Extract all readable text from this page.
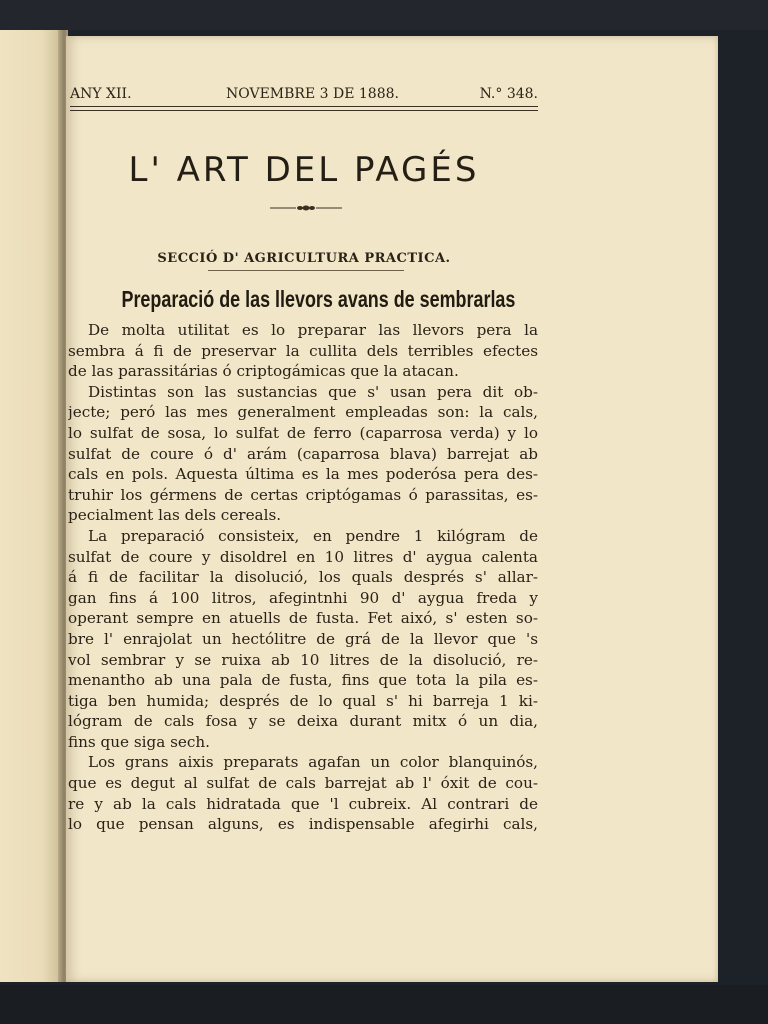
ANY XII.	NOVEMBRE 3 DE 1888.	N.° 348.
L' ART DEL PAGÉS
SECCIÓ D' AGRICULTURA PRACTICA.
Preparació de las llevors avans de sembrarlas
De molta utilitat es lo preparar las llevors pera la
sembra á fi de preservar la cullita dels terribles efectes
de las parassitárias ó criptogámicas que la atacan.
Distintas son las sustancias que s' usan pera dit ob-
jecte; peró las mes generalment empleadas son: la cals,
lo sulfat de sosa, lo sulfat de ferro (caparrosa verda) y lo
sulfat de coure ó d' arám (caparrosa blava) barrejat ab
cals en pols. Aquesta última es la mes poderósa pera des-
truhir los gérmens de certas criptógamas ó parassitas, es-
pecialment las dels cereals.
La preparació consisteix, en pendre 1 kilógram de
sulfat de coure y disoldrel en 10 litres d' aygua calenta
á fi de facilitar la disolució, los quals després s' allar-
gan fins á 100 litros, afegintnhi 90 d' aygua freda y
operant sempre en atuells de fusta. Fet aixó, s' esten so-
bre l' enrajolat un hectólitre de grá de la llevor que 's
vol sembrar y se ruixa ab 10 litres de la disolució, re-
menantho ab una pala de fusta, fins que tota la pila es-
tiga ben humida; després de lo qual s' hi barreja 1 ki-
lógram de cals fosa y se deixa durant mitx ó un dia,
fins que siga sech.
Los grans aixis preparats agafan un color blanquinós,
que es degut al sulfat de cals barrejat ab l' óxit de cou-
re y ab la cals hidratada que 'l cubreix. Al contrari de
lo que pensan alguns, es indispensable afegirhi cals,
